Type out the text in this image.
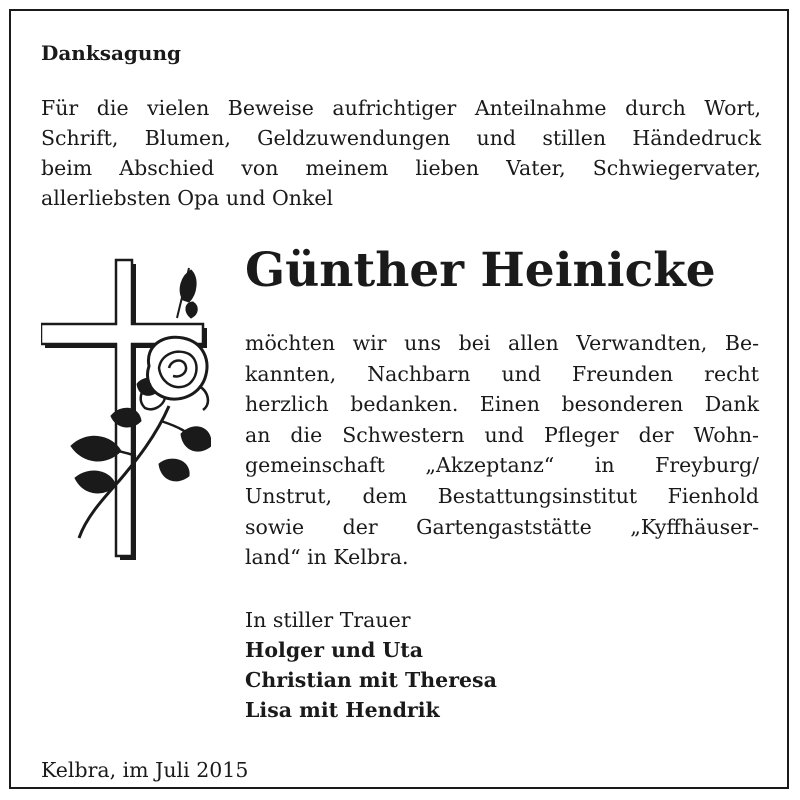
Danksagung
Für die vielen Beweise aufrichtiger Anteilnahme durch Wort,
Schrift, Blumen, Geldzuwendungen und stillen Händedruck
beim Abschied von meinem lieben Vater, Schwiegervater,
allerliebsten Opa und Onkel
Günther Heinicke
möchten wir uns bei allen Verwandten, Be-
kannten, Nachbarn und Freunden recht
herzlich bedanken. Einen besonderen Dank
an die Schwestern und Pfleger der Wohn-
gemeinschaft „Akzeptanz“ in Freyburg/
Unstrut, dem Bestattungsinstitut Fienhold
sowie der Gartengaststätte „Kyffhäuser-
land“ in Kelbra.
In stiller Trauer
Holger und Uta
Christian mit Theresa
Lisa mit Hendrik
Kelbra, im Juli 2015
